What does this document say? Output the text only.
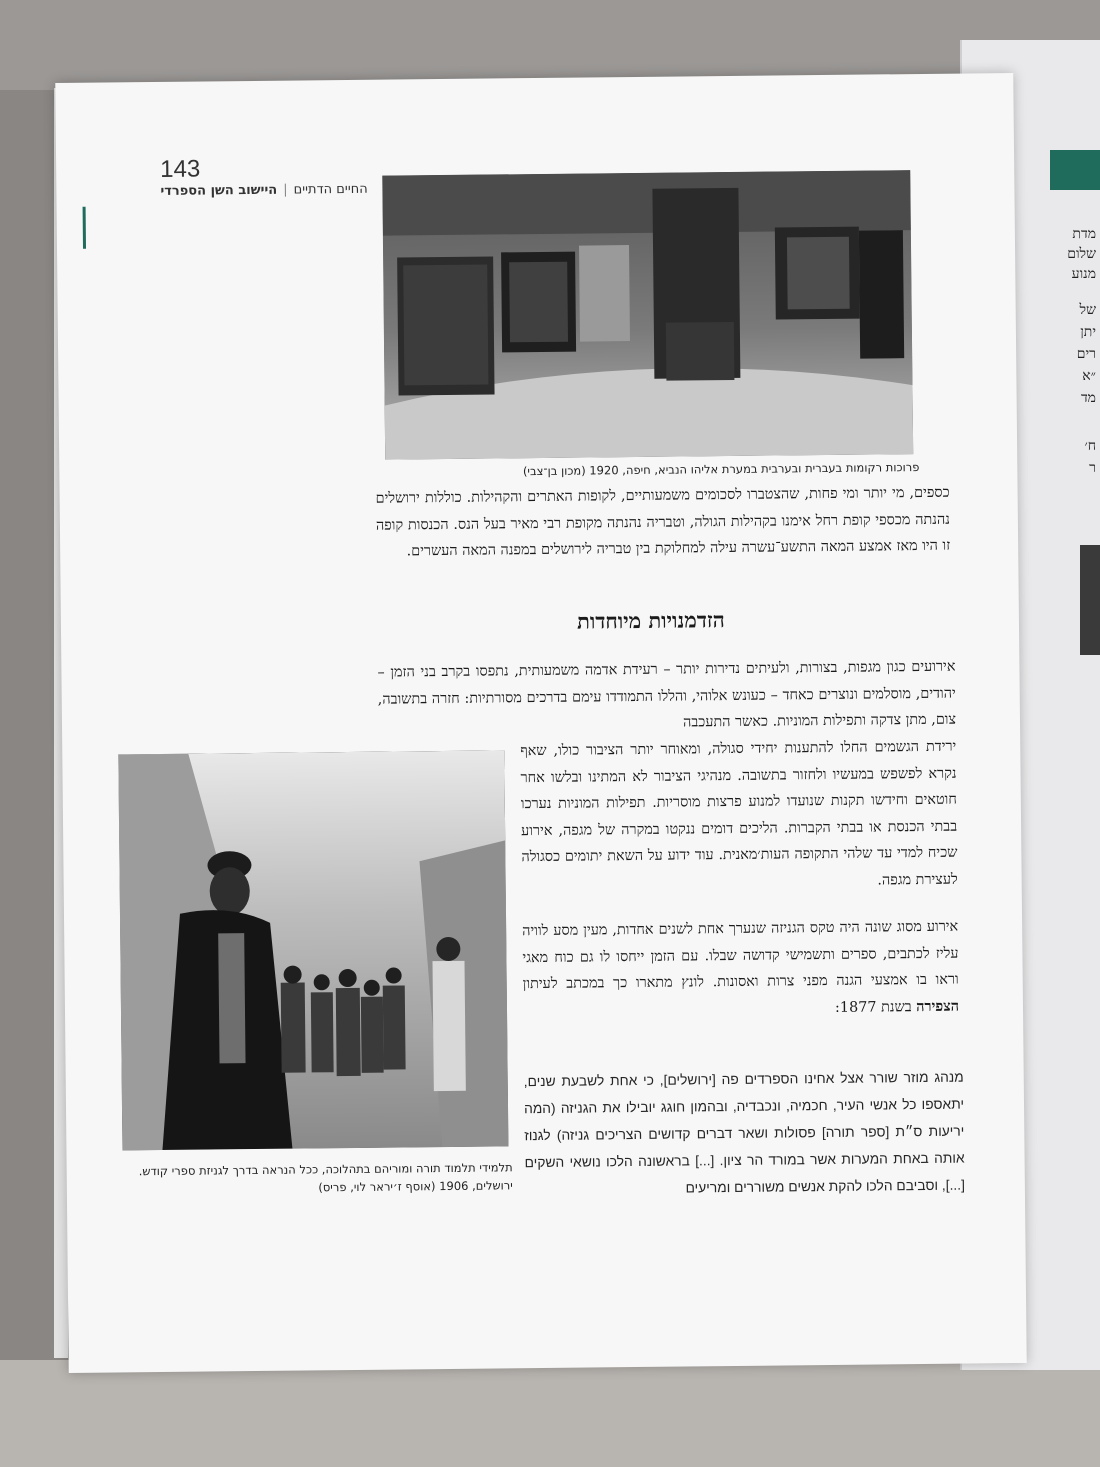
מדת
שלום
מנוע
של
יתן
רים
״א
מד
ח׳
ר
143
החיים הדתיים|היישוב השן הספרדי
פרוכות רקומות בעברית ובערבית במערת אליהו הנביא, חיפה, 1920 (מכון בן־צבי)
כספים, מי יותר ומי פחות, שהצטברו לסכומים משמעותיים, לקופות האתרים והקהילות. כוללות ירושלים נהנתה מכספי קופת רחל אימנו בקהילות הגולה, וטבריה נהנתה מקופת רבי מאיר בעל הנס. הכנסות קופה זו היו מאז אמצע המאה התשע־עשרה עילה למחלוקת בין טבריה לירושלים במפנה המאה העשרים.
הזדמנויות מיוחדות
אירועים כגון מגפות, בצורות, ולעיתים נדירות יותר – רעידת אדמה משמעותית, נתפסו בקרב בני הזמן – יהודים, מוסלמים ונוצרים כאחד – כעונש אלוהי, והללו התמודדו עימם בדרכים מסורתיות: חזרה בתשובה, צום, מתן צדקה ותפילות המוניות. כאשר התעכבה
תלמידי תלמוד תורה ומוריהם בתהלוכה, ככל הנראה בדרך לגניזת ספרי קודש. ירושלים, 1906 (אוסף ז׳יראר לוי, פריס)
ירידת הגשמים החלו להתענות יחידי סגולה, ומאוחר יותר הציבור כולו, שאף נקרא לפשפש במעשיו ולחזור בתשובה. מנהיגי הציבור לא המתינו ובלשו אחר חוטאים וחידשו תקנות שנועדו למנוע פרצות מוסריות. תפילות המוניות נערכו בבתי הכנסת או בבתי הקברות. הליכים דומים ננקטו במקרה של מגפה, אירוע שכיח למדי עד שלהי התקופה העות׳מאנית. עוד ידוע על השאת יתומים כסגולה לעצירת מגפה.
אירוע מסוג שונה היה טקס הגניזה שנערך אחת לשנים אחדות, מעין מסע לוויה עליז לכתבים, ספרים ותשמישי קדושה שבלו. עם הזמן ייחסו לו גם כוח מאגי וראו בו אמצעי הגנה מפני צרות ואסונות. לונץ מתארו כך במכתב לעיתון הצפירה בשנת 1877:
מנהג מוזר שורר אצל אחינו הספרדים פה [ירושלים], כי אחת לשבעת שנים, יתאספו כל אנשי העיר, חכמיה, ונכבדיה, ובהמון חוגג יובילו את הגניזה (המה יריעות ס״ת [ספר תורה] פסולות ושאר דברים קדושים הצריכים גניזה) לגנוז אותה באחת המערות אשר במורד הר ציון. [...] בראשונה הלכו נושאי השקים [...], וסביבם הלכו להקת אנשים משוררים ומריעים
